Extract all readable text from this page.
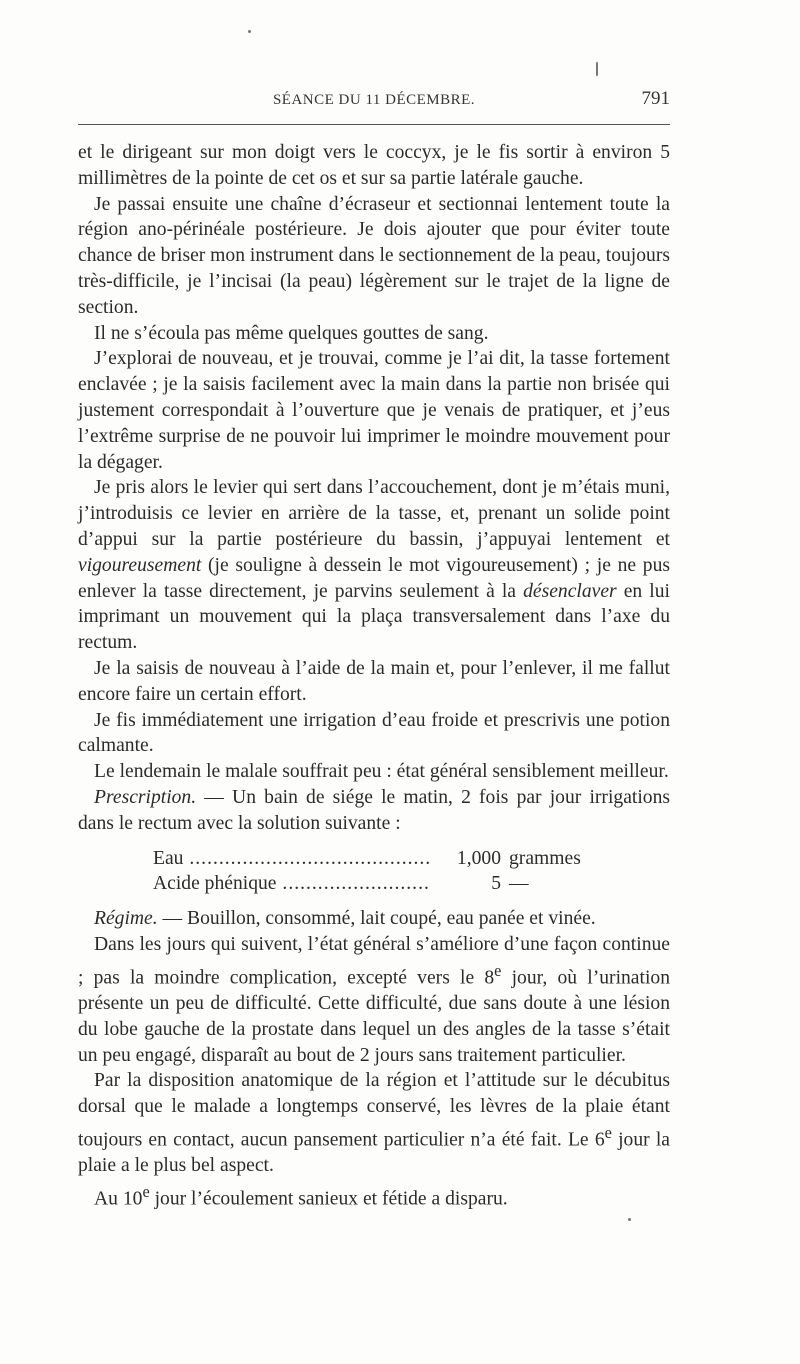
SÉANCE DU 11 DÉCEMBRE.	791

et le dirigeant sur mon doigt vers le coccyx, je le fis sortir à environ 5 millimètres de la pointe de cet os et sur sa partie latérale gauche.

Je passai ensuite une chaîne d’écraseur et sectionnai lentement toute la région ano-périnéale postérieure. Je dois ajouter que pour éviter toute chance de briser mon instrument dans le sectionnement de la peau, toujours très-difficile, je l’incisai (la peau) légèrement sur le trajet de la ligne de section.

Il ne s’écoula pas même quelques gouttes de sang.

J’explorai de nouveau, et je trouvai, comme je l’ai dit, la tasse fortement enclavée ; je la saisis facilement avec la main dans la partie non brisée qui justement correspondait à l’ouverture que je venais de pratiquer, et j’eus l’extrême surprise de ne pouvoir lui imprimer le moindre mouvement pour la dégager.

Je pris alors le levier qui sert dans l’accouchement, dont je m’étais muni, j’introduisis ce levier en arrière de la tasse, et, prenant un solide point d’appui sur la partie postérieure du bassin, j’appuyai lentement et vigoureusement (je souligne à dessein le mot vigoureusement) ; je ne pus enlever la tasse directement, je parvins seulement à la désenclaver en lui imprimant un mouvement qui la plaça transversalement dans l’axe du rectum.

Je la saisis de nouveau à l’aide de la main et, pour l’enlever, il me fallut encore faire un certain effort.

Je fis immédiatement une irrigation d’eau froide et prescrivis une potion calmante.

Le lendemain le malale souffrait peu : état général sensiblement meilleur.

Prescription. — Un bain de siége le matin, 2 fois par jour irrigations dans le rectum avec la solution suivante :

Eau .....	1,000 grammes
Acide phénique .....	5 —

Régime. — Bouillon, consommé, lait coupé, eau panée et vinée.

Dans les jours qui suivent, l’état général s’améliore d’une façon continue ; pas la moindre complication, excepté vers le 8e jour, où l’urination présente un peu de difficulté. Cette difficulté, due sans doute à une lésion du lobe gauche de la prostate dans lequel un des angles de la tasse s’était un peu engagé, disparaît au bout de 2 jours sans traitement particulier.

Par la disposition anatomique de la région et l’attitude sur le décubitus dorsal que le malade a longtemps conservé, les lèvres de la plaie étant toujours en contact, aucun pansement particulier n’a été fait. Le 6e jour la plaie a le plus bel aspect.

Au 10e jour l’écoulement sanieux et fétide a disparu.
